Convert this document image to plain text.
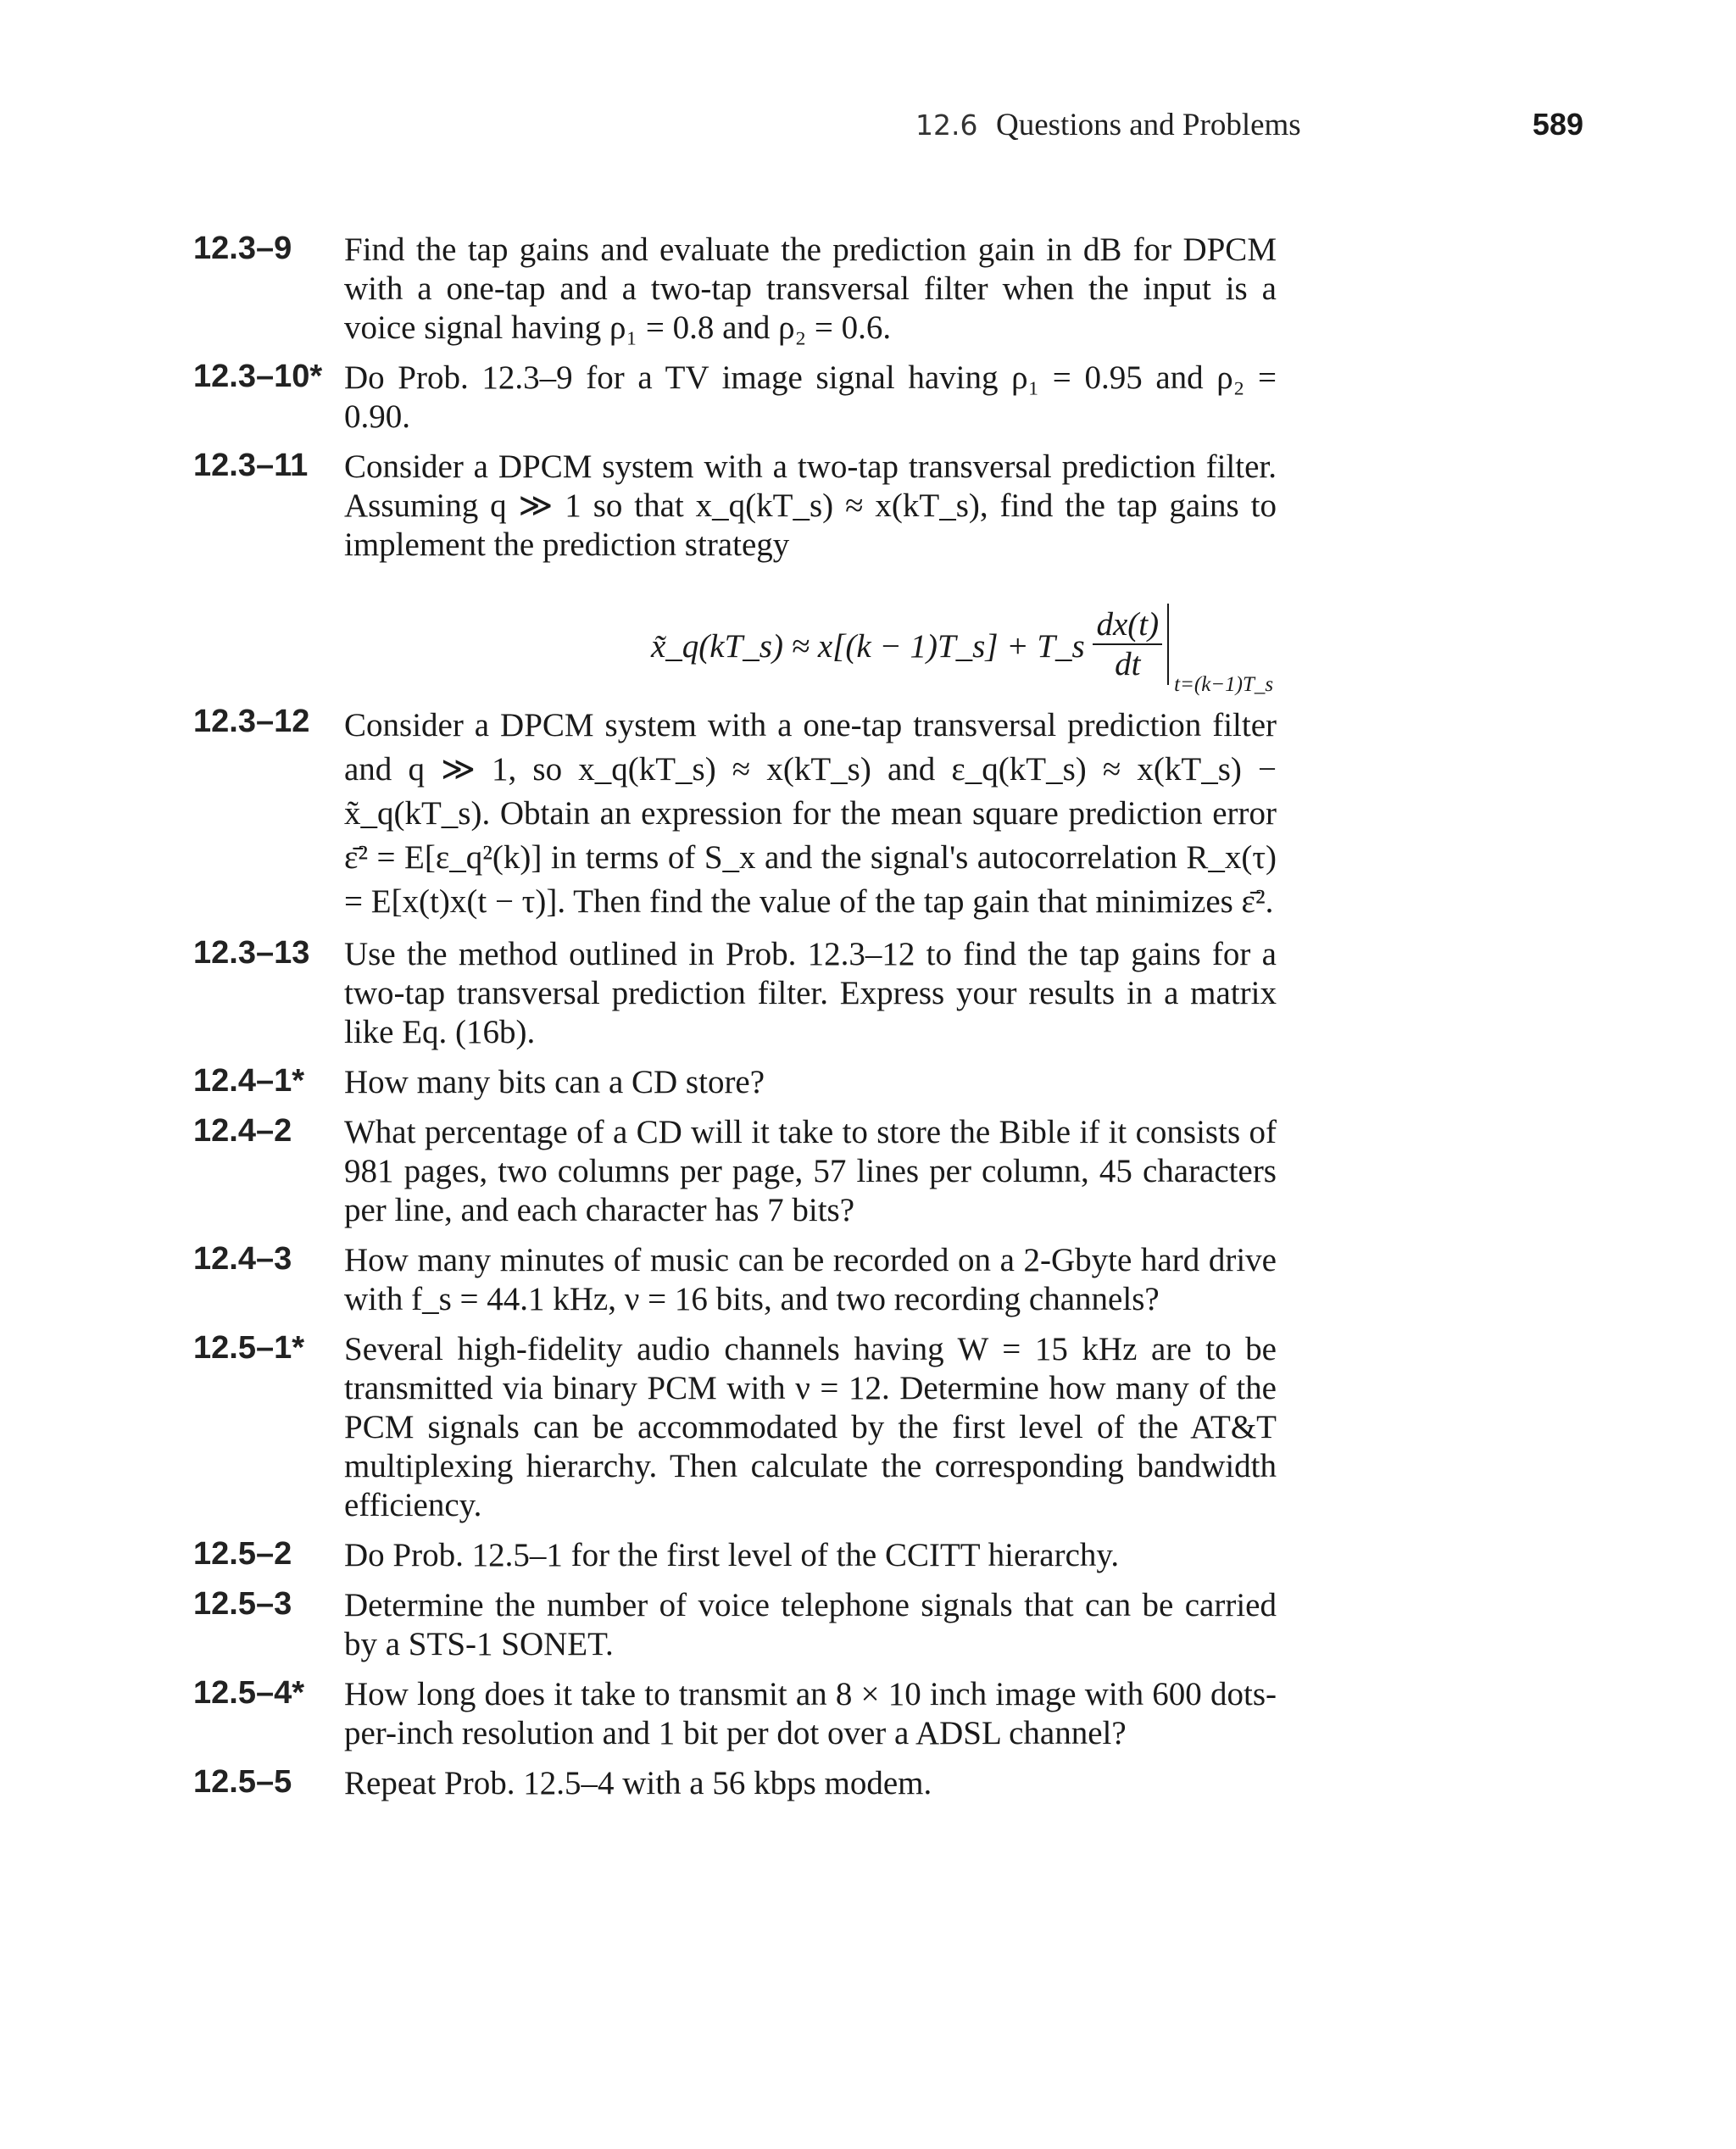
12.6 Questions and Problems	589
12.3–9 Find the tap gains and evaluate the prediction gain in dB for DPCM with a one-tap and a two-tap transversal filter when the input is a voice signal having ρ₁ = 0.8 and ρ₂ = 0.6.
12.3–10* Do Prob. 12.3–9 for a TV image signal having ρ₁ = 0.95 and ρ₂ = 0.90.
12.3–11 Consider a DPCM system with a two-tap transversal prediction filter. Assuming q ≫ 1 so that x_q(kT_s) ≈ x(kT_s), find the tap gains to implement the prediction strategy
x̃_q(kT_s) ≈ x[(k − 1)T_s] + T_s $\frac{dx(t)}{dt}$
t=(k−1)T_s
12.3–12 Consider a DPCM system with a one-tap transversal prediction filter and q ≫ 1, so x_q(kT_s) ≈ x(kT_s) and ε_q(kT_s) ≈ x(kT_s) − x̃_q(kT_s). Obtain an expression for the mean square prediction error ε̄² = E[ε_q²(k)] in terms of S_x and the signal's autocorrelation R_x(τ) = E[x(t)x(t − τ)]. Then find the value of the tap gain that minimizes ε̄².
12.3–13 Use the method outlined in Prob. 12.3–12 to find the tap gains for a two-tap transversal prediction filter. Express your results in a matrix like Eq. (16b).
12.4–1* How many bits can a CD store?
12.4–2 What percentage of a CD will it take to store the Bible if it consists of 981 pages, two columns per page, 57 lines per column, 45 characters per line, and each character has 7 bits?
12.4–3 How many minutes of music can be recorded on a 2-Gbyte hard drive with f_s = 44.1 kHz, ν = 16 bits, and two recording channels?
12.5–1* Several high-fidelity audio channels having W = 15 kHz are to be transmitted via binary PCM with ν = 12. Determine how many of the PCM signals can be accommodated by the first level of the AT&T multiplexing hierarchy. Then calculate the corresponding bandwidth efficiency.
12.5–2 Do Prob. 12.5–1 for the first level of the CCITT hierarchy.
12.5–3 Determine the number of voice telephone signals that can be carried by a STS-1 SONET.
12.5–4* How long does it take to transmit an 8 × 10 inch image with 600 dots-per-inch resolution and 1 bit per dot over a ADSL channel?
12.5–5 Repeat Prob. 12.5–4 with a 56 kbps modem.
